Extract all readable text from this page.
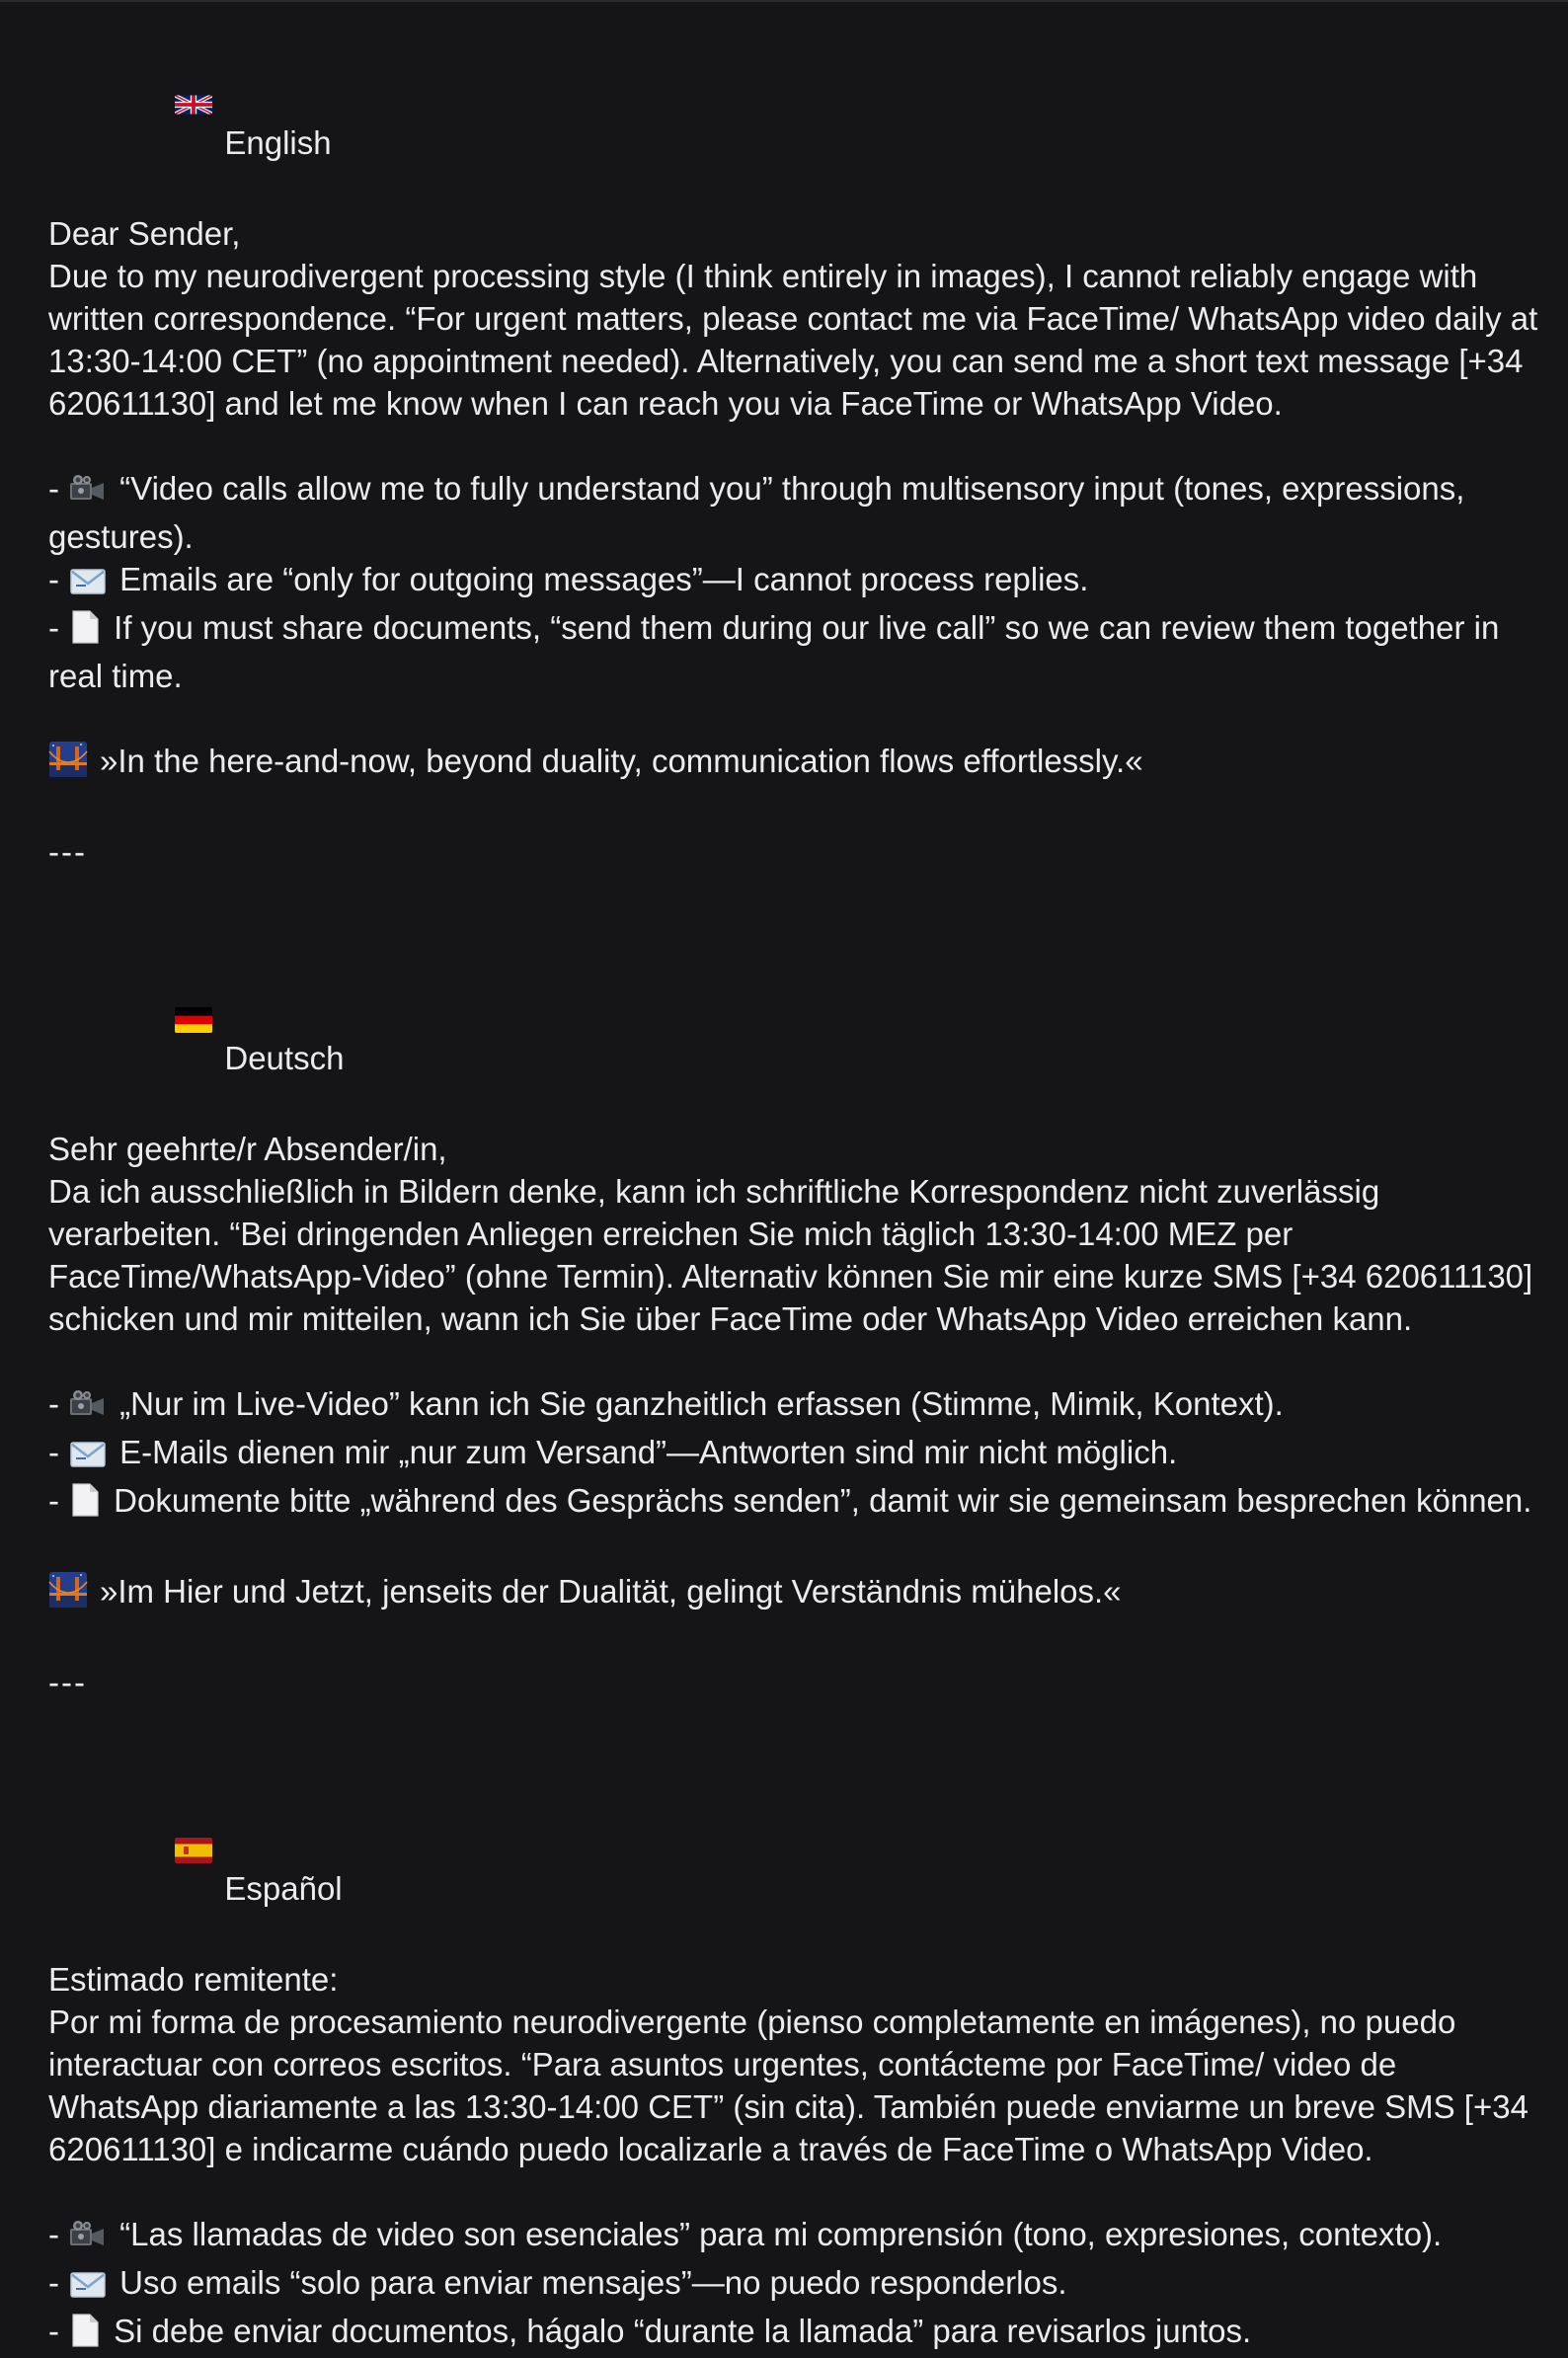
English

Dear Sender,
Due to my neurodivergent processing style (I think entirely in images), I cannot reliably engage with written correspondence. “For urgent matters, please contact me via FaceTime/ WhatsApp video daily at 13:30-14:00 CET” (no appointment needed). Alternatively, you can send me a short text message [+34 620611130] and let me know when I can reach you via FaceTime or WhatsApp Video.
- “Video calls allow me to fully understand you” through multisensory input (tones, expressions, gestures).
- Emails are “only for outgoing messages”—I cannot process replies.
- If you must share documents, “send them during our live call” so we can review them together in real time.
»In the here-and-now, beyond duality, communication flows effortlessly.«
---

Deutsch

Sehr geehrte/r Absender/in,
Da ich ausschließlich in Bildern denke, kann ich schriftliche Korrespondenz nicht zuverlässig verarbeiten. “Bei dringenden Anliegen erreichen Sie mich täglich 13:30-14:00 MEZ per FaceTime/WhatsApp-Video” (ohne Termin). Alternativ können Sie mir eine kurze SMS [+34 620611130] schicken und mir mitteilen, wann ich Sie über FaceTime oder WhatsApp Video erreichen kann.
- „Nur im Live-Video” kann ich Sie ganzheitlich erfassen (Stimme, Mimik, Kontext).
- E-Mails dienen mir „nur zum Versand”—Antworten sind mir nicht möglich.
- Dokumente bitte „während des Gesprächs senden”, damit wir sie gemeinsam besprechen können.
»Im Hier und Jetzt, jenseits der Dualität, gelingt Verständnis mühelos.«
---

Español

Estimado remitente:
Por mi forma de procesamiento neurodivergente (pienso completamente en imágenes), no puedo interactuar con correos escritos. “Para asuntos urgentes, contácteme por FaceTime/ video de WhatsApp diariamente a las 13:30-14:00 CET” (sin cita). También puede enviarme un breve SMS [+34 620611130] e indicarme cuándo puedo localizarle a través de FaceTime o WhatsApp Video.
- “Las llamadas de video son esenciales” para mi comprensión (tono, expresiones, contexto).
- Uso emails “solo para enviar mensajes”—no puedo responderlos.
- Si debe enviar documentos, hágalo “durante la llamada” para revisarlos juntos.
